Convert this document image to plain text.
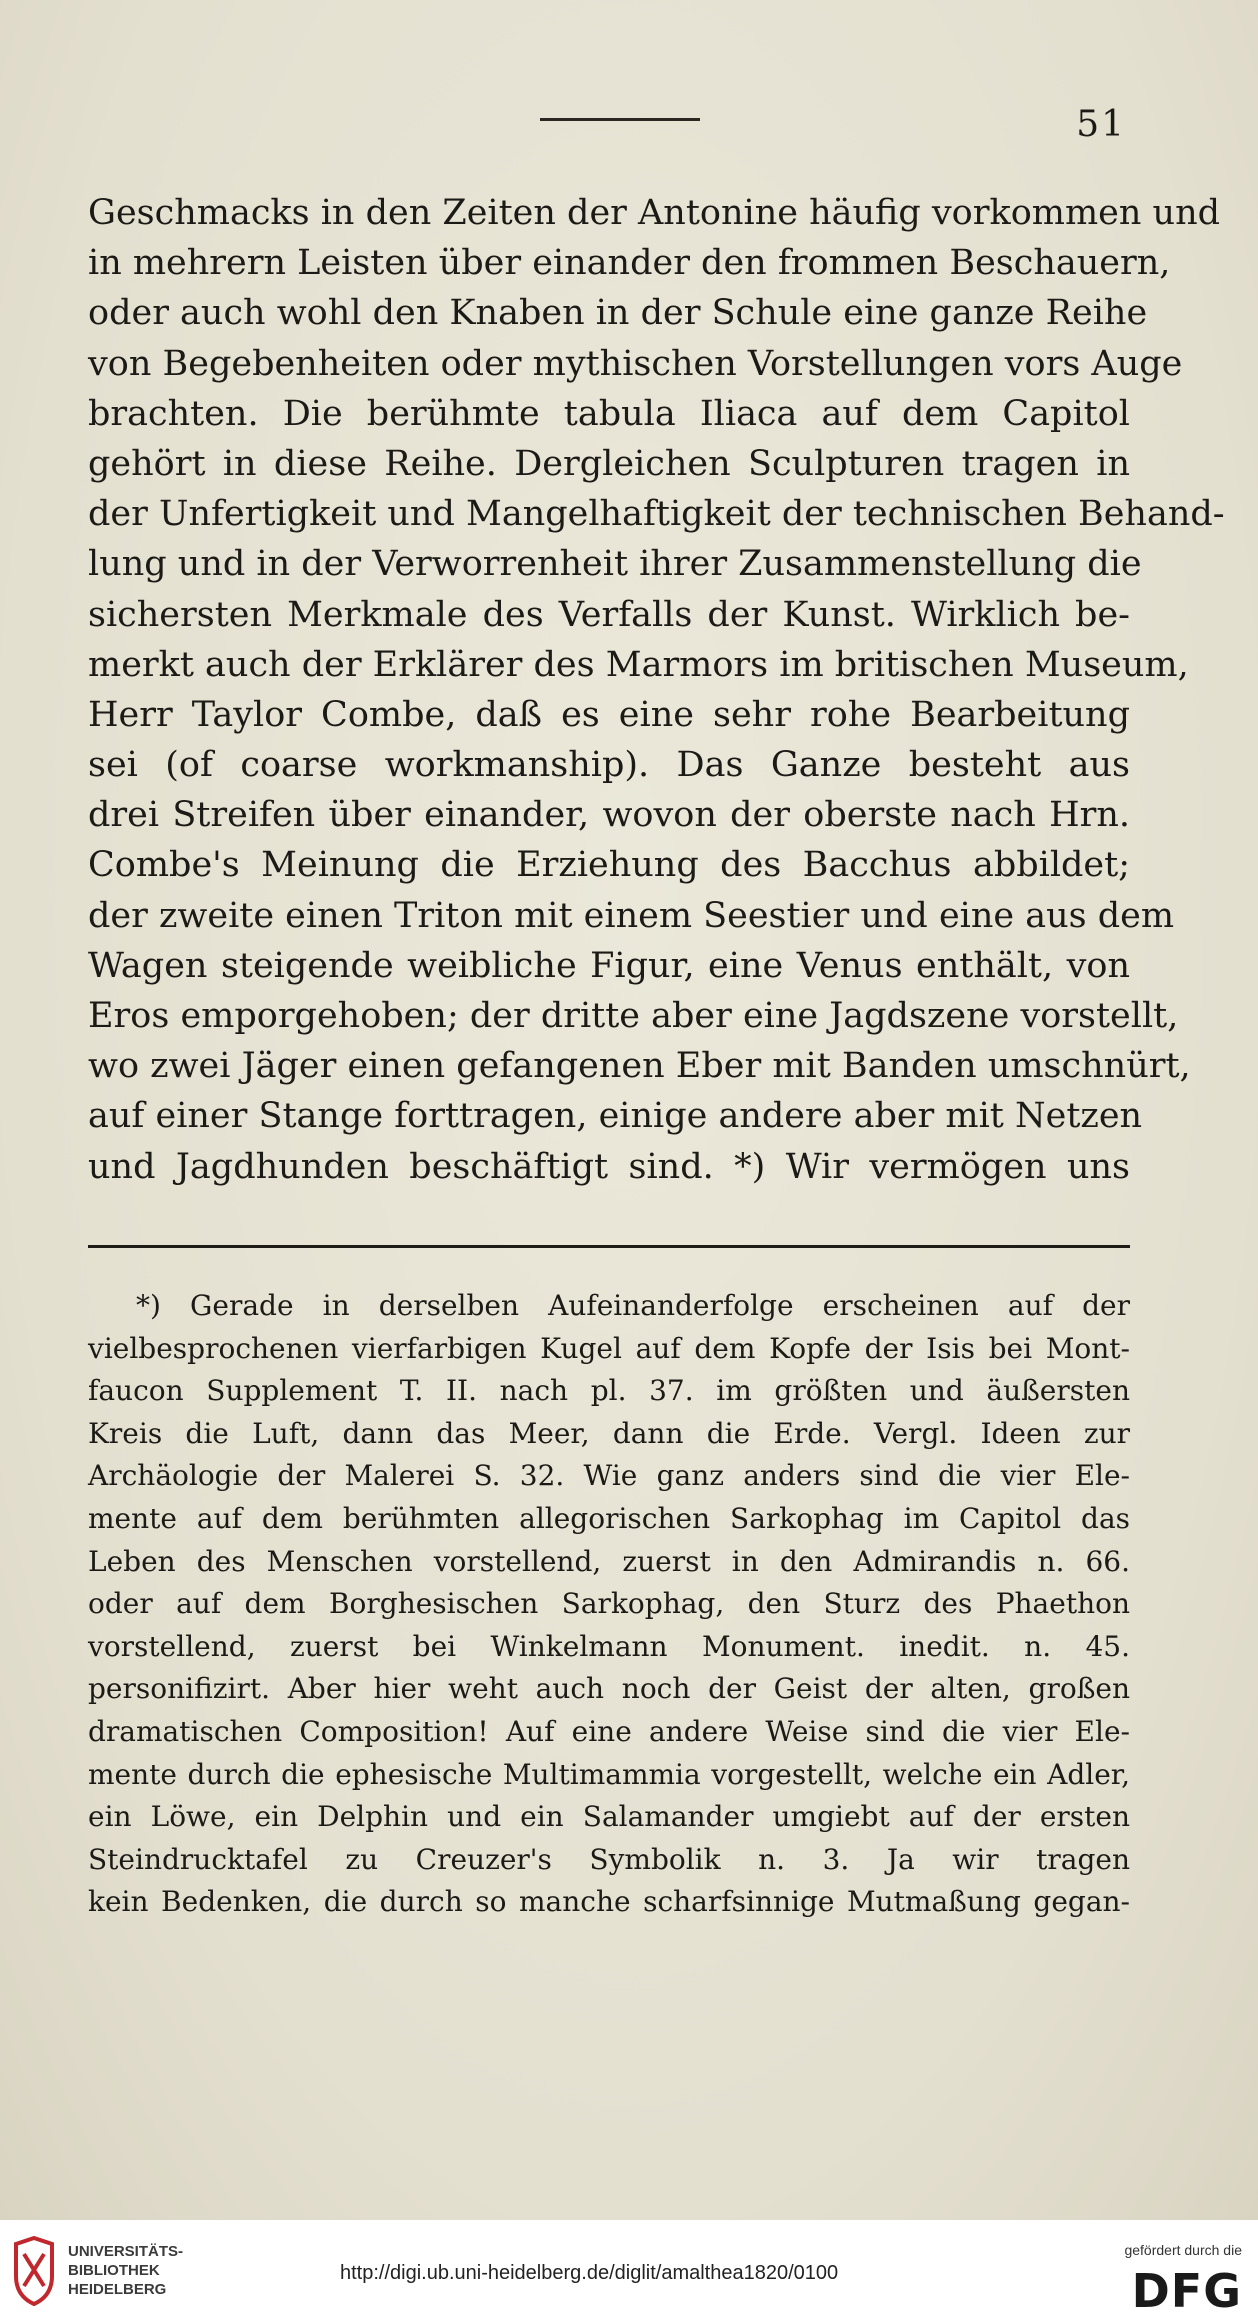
51
Geschmacks in den Zeiten der Antonine häufig vorkommen und
in mehrern Leisten über einander den frommen Beschauern,
oder auch wohl den Knaben in der Schule eine ganze Reihe
von Begebenheiten oder mythischen Vorstellungen vors Auge
brachten. Die berühmte tabula Iliaca auf dem Capitol
gehört in diese Reihe. Dergleichen Sculpturen tragen in
der Unfertigkeit und Mangelhaftigkeit der technischen Behand-
lung und in der Verworrenheit ihrer Zusammenstellung die
sichersten Merkmale des Verfalls der Kunst. Wirklich be-
merkt auch der Erklärer des Marmors im britischen Museum,
Herr Taylor Combe, daß es eine sehr rohe Bearbeitung
sei (of coarse workmanship). Das Ganze besteht aus
drei Streifen über einander, wovon der oberste nach Hrn.
Combe's Meinung die Erziehung des Bacchus abbildet;
der zweite einen Triton mit einem Seestier und eine aus dem
Wagen steigende weibliche Figur, eine Venus enthält, von
Eros emporgehoben; der dritte aber eine Jagdszene vorstellt,
wo zwei Jäger einen gefangenen Eber mit Banden umschnürt,
auf einer Stange forttragen, einige andere aber mit Netzen
und Jagdhunden beschäftigt sind. *) Wir vermögen uns
*) Gerade in derselben Aufeinanderfolge erscheinen auf der
vielbesprochenen vierfarbigen Kugel auf dem Kopfe der Isis bei Mont-
faucon Supplement T. II. nach pl. 37. im größten und äußersten
Kreis die Luft, dann das Meer, dann die Erde. Vergl. Ideen zur
Archäologie der Malerei S. 32. Wie ganz anders sind die vier Ele-
mente auf dem berühmten allegorischen Sarkophag im Capitol das
Leben des Menschen vorstellend, zuerst in den Admirandis n. 66.
oder auf dem Borghesischen Sarkophag, den Sturz des Phaethon
vorstellend, zuerst bei Winkelmann Monument. inedit. n. 45.
personifizirt. Aber hier weht auch noch der Geist der alten, großen
dramatischen Composition! Auf eine andere Weise sind die vier Ele-
mente durch die ephesische Multimammia vorgestellt, welche ein Adler,
ein Löwe, ein Delphin und ein Salamander umgiebt auf der ersten
Steindrucktafel zu Creuzer's Symbolik n. 3. Ja wir tragen
kein Bedenken, die durch so manche scharfsinnige Mutmaßung gegan-
UNIVERSITÄTS-
BIBLIOTHEK
HEIDELBERG
http://digi.ub.uni-heidelberg.de/diglit/amalthea1820/0100
gefördert durch die
DFG
